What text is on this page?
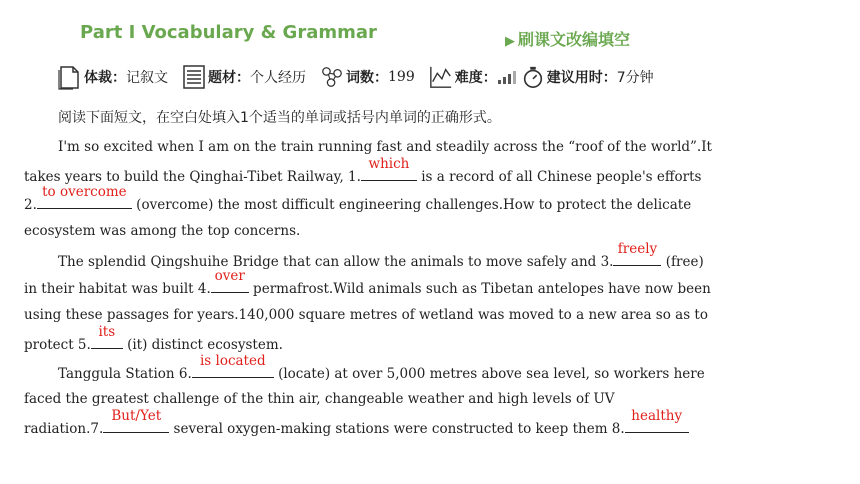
Part Ⅰ Vocabulary & Grammar	▶ 刷课文改编填空
体裁： 记叙文	题材： 个人经历	词数： 199	难度：	建议用时： 7分钟
阅读下面短文，在空白处填入1个适当的单词或括号内单词的正确形式。
I'm so excited when I am on the train running fast and steadily across the “roof of the world”.It
takes years to build the Qinghai-Tibet Railway, 1.
which
is a record of all Chinese people's efforts
2.
to overcome
(overcome) the most difficult engineering challenges.How to protect the delicate
ecosystem was among the top concerns.
The splendid Qingshuihe Bridge that can allow the animals to move safely and 3.
freely
(free)
in their habitat was built 4.
over
permafrost.Wild animals such as Tibetan antelopes have now been
using these passages for years.140,000 square metres of wetland was moved to a new area so as to
protect 5.
its
(it) distinct ecosystem.
Tanggula Station 6.
is located
(locate) at over 5,000 metres above sea level, so workers here
faced the greatest challenge of the thin air, changeable weather and high levels of UV
radiation.7.
But/Yet
several oxygen-making stations were constructed to keep them 8.
healthy
